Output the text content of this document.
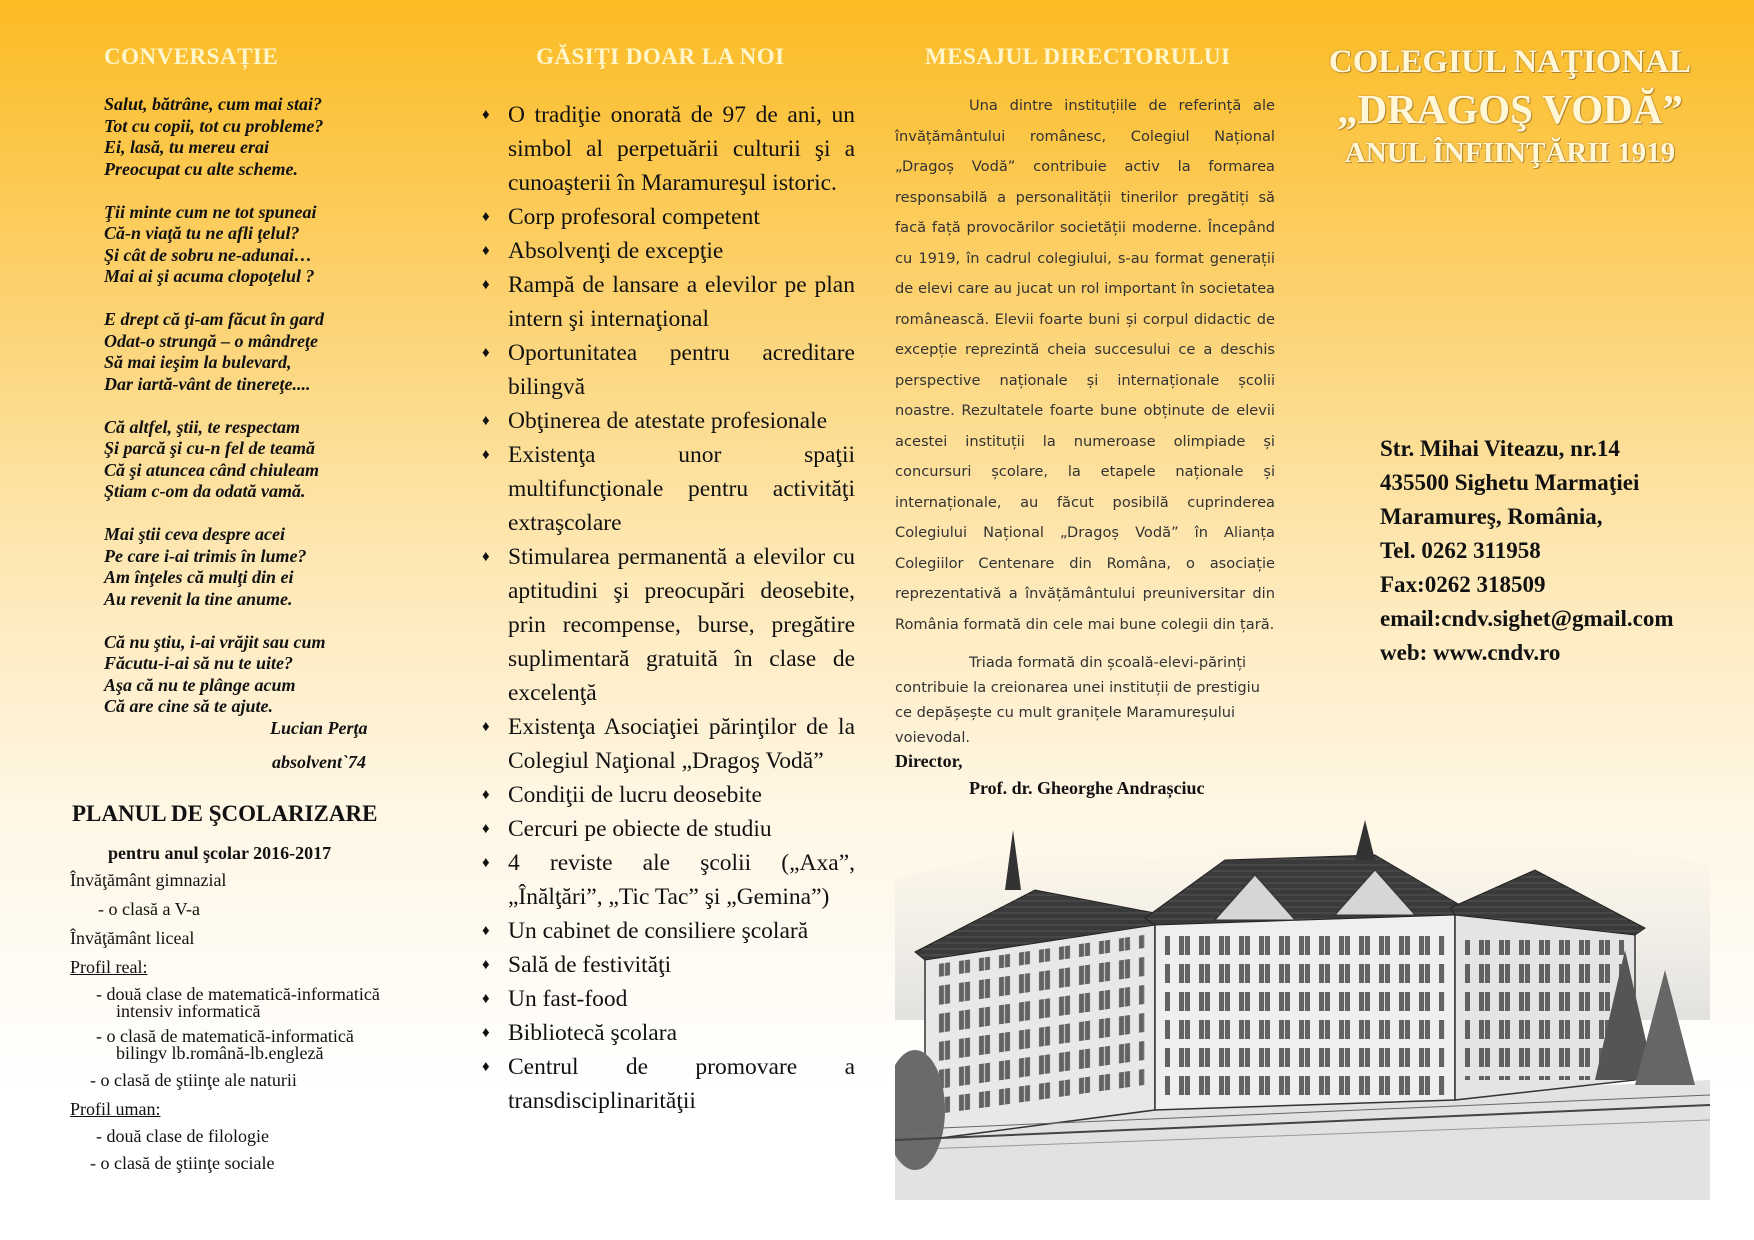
CONVERSAȚIE
Salut, bătrâne, cum mai stai?
Tot cu copii, tot cu probleme?
Ei, lasă, tu mereu erai
Preocupat cu alte scheme.
Ţii minte cum ne tot spuneai
Că-n viaţă tu ne afli ţelul?
Şi cât de sobru ne-adunai…
Mai ai şi acuma clopoţelul ?
E drept că ţi-am făcut în gard
Odat-o strungă – o mândreţe
Să mai ieşim la bulevard,
Dar iartă-vânt de tinereţe....
Că altfel, ştii, te respectam
Şi parcă şi cu-n fel de teamă
Că şi atuncea când chiuleam
Ştiam c-om da odată vamă.
Mai ştii ceva despre acei
Pe care i-ai trimis în lume?
Am înţeles că mulţi din ei
Au revenit la tine anume.
Că nu ştiu, i-ai vrăjit sau cum
Făcutu-i-ai să nu te uite?
Aşa că nu te plânge acum
Că are cine să te ajute.
Lucian Perţa
absolvent`74
PLANUL DE ŞCOLARIZARE
pentru anul şcolar 2016-2017
Învăţământ gimnazial
- o clasă a V-a
Învăţământ liceal
Profil real:
- două clase de matematică-informatică
intensiv informatică
- o clasă de matematică-informatică
bilingv lb.română-lb.engleză
- o clasă de ştiinţe ale naturii
Profil uman:
- două clase de filologie
- o clasă de ştiinţe sociale
GĂSIŢI DOAR LA NOI
♦ O tradiţie onorată de 97 de ani, un simbol al perpetuării culturii şi a cunoaşterii în Maramureşul istoric.
♦ Corp profesoral competent
♦ Absolvenţi de excepţie
♦ Rampă de lansare a elevilor pe plan intern şi internaţional
♦ Oportunitatea pentru acreditare bilingvă
♦ Obţinerea de atestate profesionale
♦ Existenţa unor spaţii multifuncţionale pentru activităţi extraşcolare
♦ Stimularea permanentă a elevilor cu aptitudini şi preocupări deosebite, prin recompense, burse, pregătire suplimentară gratuită în clase de excelenţă
♦ Existenţa Asociaţiei părinţilor de la Colegiul Naţional „Dragoş Vodă”
♦ Condiţii de lucru deosebite
♦ Cercuri pe obiecte de studiu
♦ 4 reviste ale şcolii („Axa”, „Înălţări”, „Tic Tac” şi „Gemina”)
♦ Un cabinet de consiliere şcolară
♦ Sală de festivităţi
♦ Un fast-food
♦ Bibliotecă şcolara
♦ Centrul de promovare a transdisciplinarităţii
MESAJUL DIRECTORULUI

Una dintre instituțiile de referință ale învățământului românesc, Colegiul Național „Dragoș Vodă” contribuie activ la formarea responsabilă a personalității tinerilor pregătiți să facă față provocărilor societății moderne. Începând cu 1919, în cadrul colegiului, s-au format generații de elevi care au jucat un rol important în societatea românească. Elevii foarte buni și corpul didactic de excepție reprezintă cheia succesului ce a deschis perspective naționale și internaționale școlii noastre. Rezultatele foarte bune obținute de elevii acestei instituții la numeroase olimpiade și concursuri școlare, la etapele naționale și internaționale, au făcut posibilă cuprinderea Colegiului Național „Dragoș Vodă” în Alianța Colegiilor Centenare din Româna, o asociație reprezentativă a învățământului preuniversitar din România formată din cele mai bune colegii din țară.

Triada formată din școală-elevi-părinți contribuie la creionarea unei instituții de prestigiu ce depășește cu mult granițele Maramureșului voievodal.
Director,
Prof. dr. Gheorghe Andrașciuc
COLEGIUL NAŢIONAL
„DRAGOŞ VODĂ”
ANUL ÎNFIINŢĂRII 1919
Str. Mihai Viteazu, nr.14
435500 Sighetu Marmaţiei
Maramureş, România,
Tel. 0262 311958
Fax:0262 318509
email:cndv.sighet@gmail.com
web: www.cndv.ro
